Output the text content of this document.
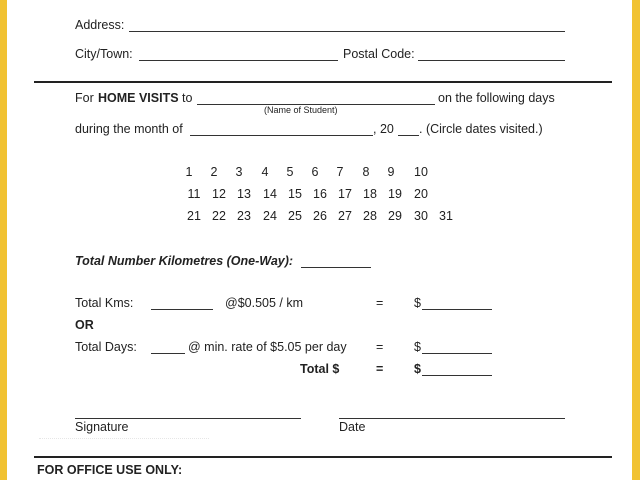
Address:
City/Town:	Postal Code:
For HOME VISITS to
(Name of Student)
on the following days
during the month of	, 20 . (Circle dates visited.)
1	2	3	4	5	6	7	8	9	10
11 12 13 14 15 16 17 18 19 20
21 22 23 24 25 26 27 28 29 30 31
Total Number Kilometres (One-Way):
Total Kms:	@$0.505 / km	= $
OR
Total Days:	@ min. rate of $5.05 per day = $
Total $	= $
Signature	Date
FOR OFFICE USE ONLY:
